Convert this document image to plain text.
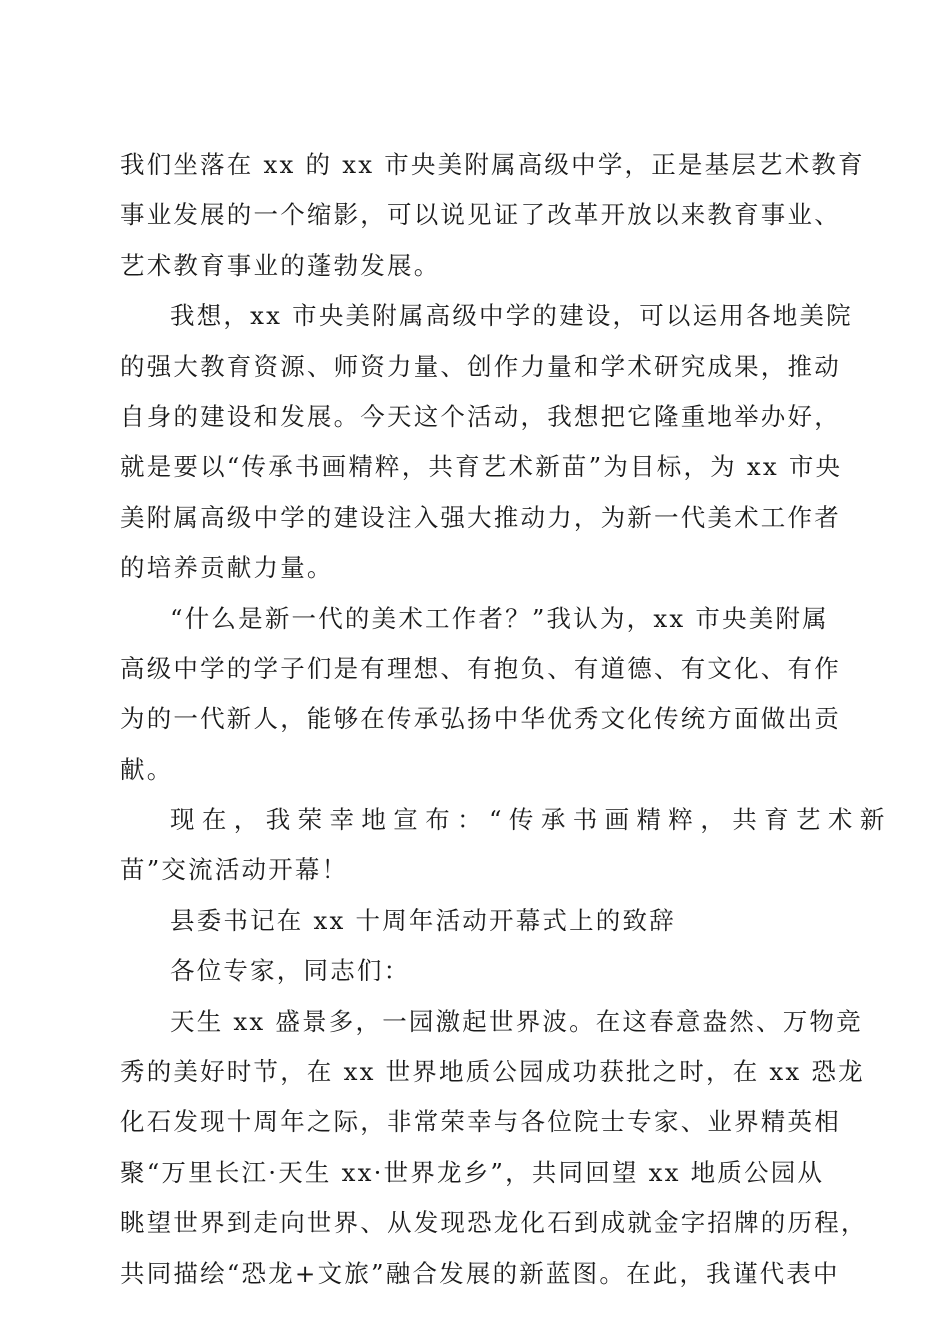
我们坐落在 xx 的 xx 市央美附属高级中学，正是基层艺术教育
事业发展的一个缩影，可以说见证了改革开放以来教育事业、
艺术教育事业的蓬勃发展。
我想，xx 市央美附属高级中学的建设，可以运用各地美院
的强大教育资源、师资力量、创作力量和学术研究成果，推动
自身的建设和发展。今天这个活动，我想把它隆重地举办好，
就是要以“传承书画精粹，共育艺术新苗”为目标，为 xx 市央
美附属高级中学的建设注入强大推动力，为新一代美术工作者
的培养贡献力量。
“什么是新一代的美术工作者？”我认为，xx 市央美附属
高级中学的学子们是有理想、有抱负、有道德、有文化、有作
为的一代新人，能够在传承弘扬中华优秀文化传统方面做出贡
献。
现在，我荣幸地宣布：“传承书画精粹，共育艺术新
苗”交流活动开幕！
县委书记在 xx 十周年活动开幕式上的致辞
各位专家，同志们：
天生 xx 盛景多，一园激起世界波。在这春意盎然、万物竞
秀的美好时节，在 xx 世界地质公园成功获批之时，在 xx 恐龙
化石发现十周年之际，非常荣幸与各位院士专家、业界精英相
聚“万里长江·天生 xx·世界龙乡”，共同回望 xx 地质公园从
眺望世界到走向世界、从发现恐龙化石到成就金字招牌的历程，
共同描绘“恐龙+文旅”融合发展的新蓝图。在此，我谨代表中
